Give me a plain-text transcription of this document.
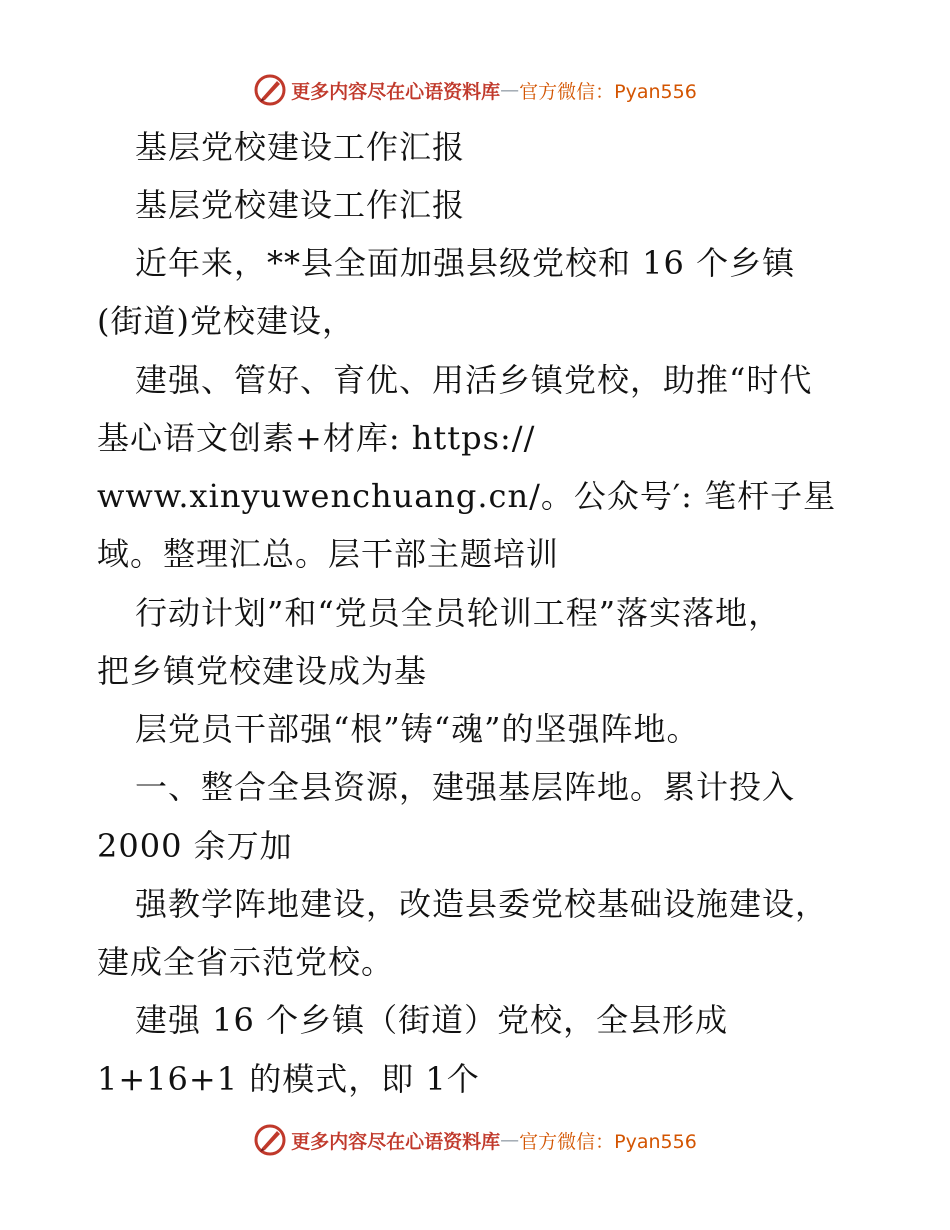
更多内容尽在心语资料库 — 官方微信：Pyan556
基层党校建设工作汇报
基层党校建设工作汇报
近年来，**县全面加强县级党校和 16 个乡镇
(街道)党校建设，
建强、管好、育优、用活乡镇党校，助推“时代
基心语文创素+材库: https://
www.xinyuwenchuang.cn/。公众号′: 笔杆子星
域。整理汇总。层干部主题培训
行动计划”和“党员全员轮训工程”落实落地，
把乡镇党校建设成为基
层党员干部强“根”铸“魂”的坚强阵地。
一、整合全县资源，建强基层阵地。累计投入
2000 余万加
强教学阵地建设，改造县委党校基础设施建设，
建成全省示范党校。
建强 16 个乡镇（街道）党校，全县形成
1+16+1 的模式，即 1个
更多内容尽在心语资料库 — 官方微信：Pyan556
